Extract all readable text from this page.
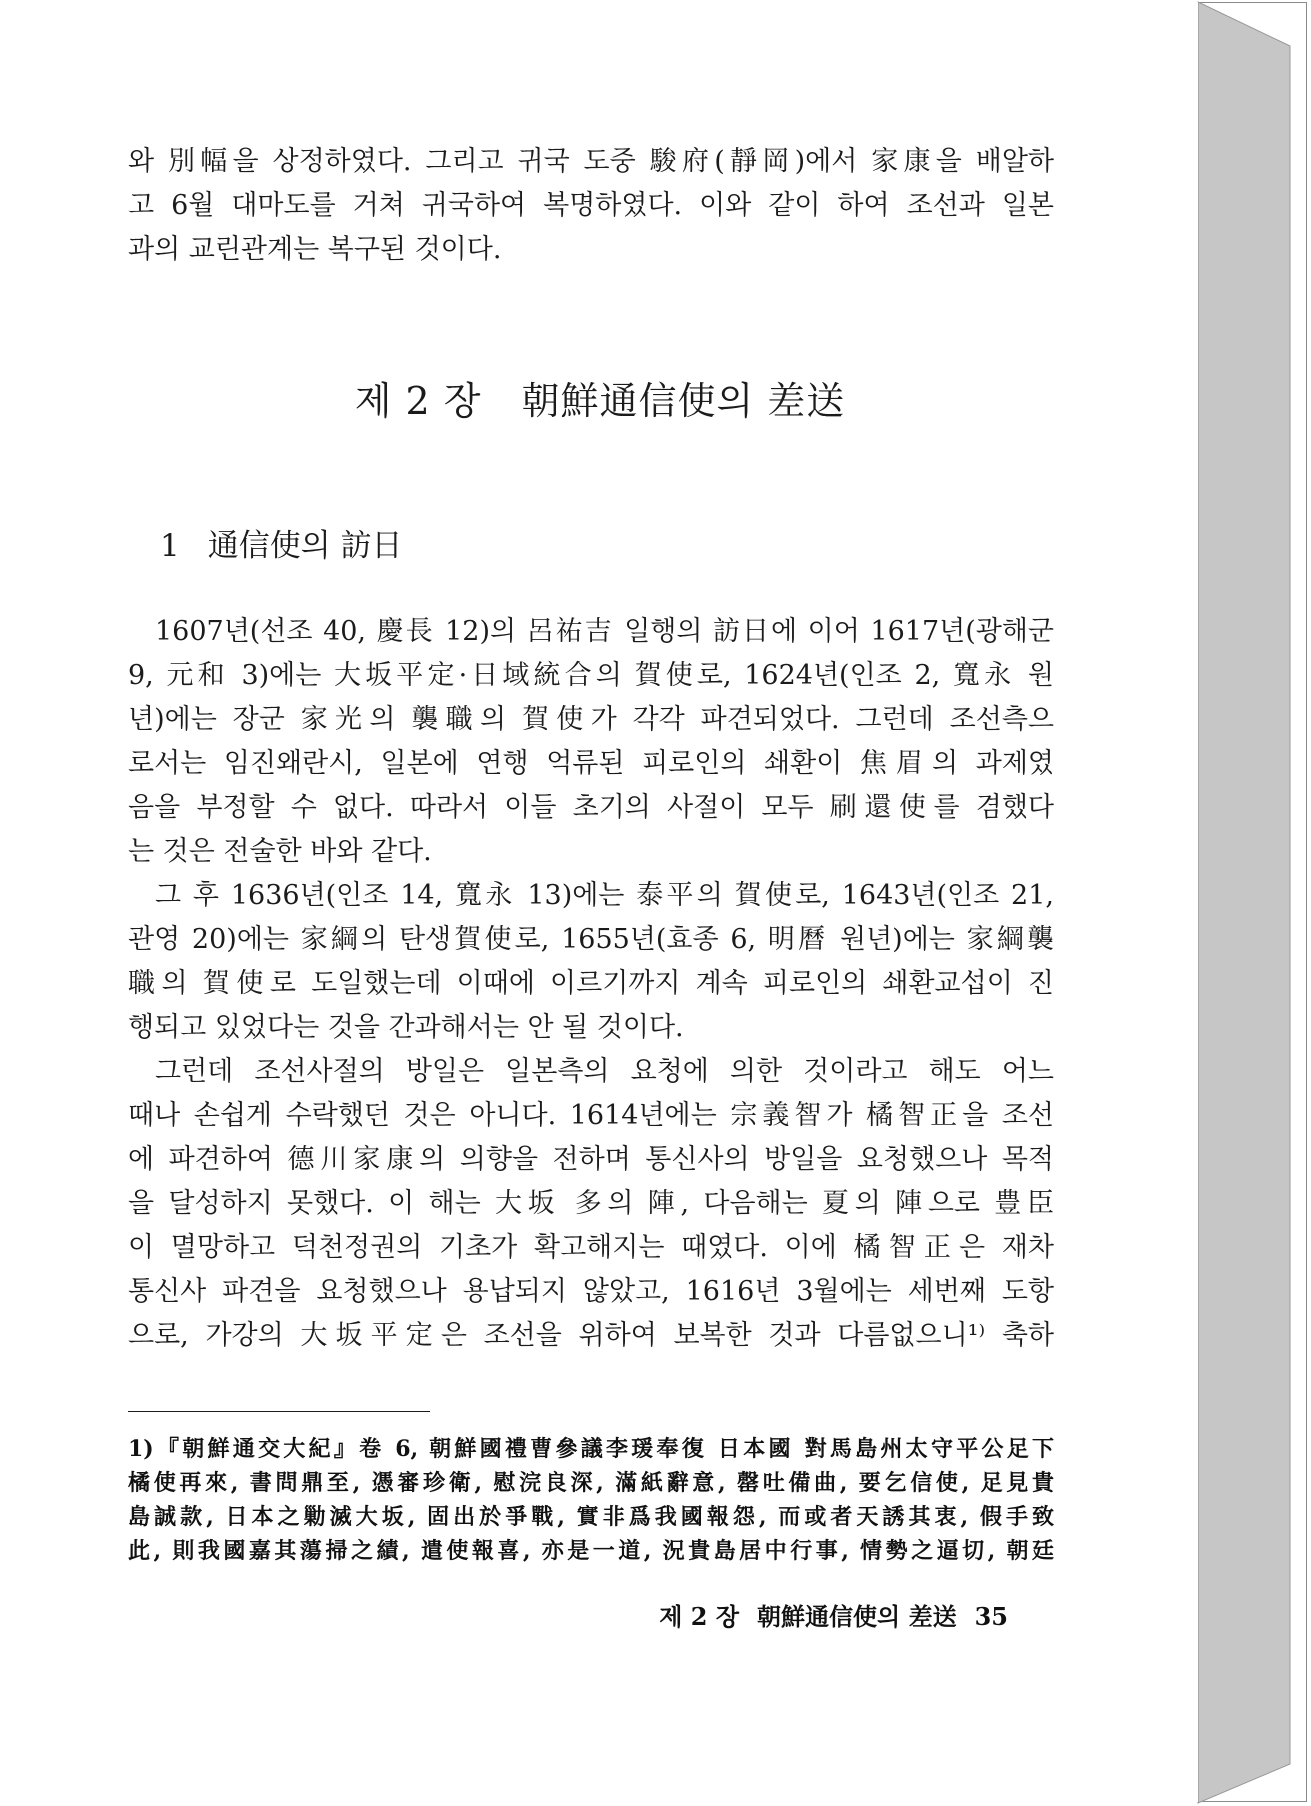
와 別幅을 상정하였다. 그리고 귀국 도중 駿府(靜岡)에서 家康을 배알하
고 6월 대마도를 거쳐 귀국하여 복명하였다. 이와 같이 하여 조선과 일본
과의 교린관계는 복구된 것이다.

제 2 장 朝鮮通信使의 差送
1 通信使의 訪日

1607년(선조 40, 慶長 12)의 呂祐吉 일행의 訪日에 이어 1617년(광해군
9, 元和 3)에는 大坂平定·日域統合의 賀使로, 1624년(인조 2, 寬永 원
년)에는 장군 家光의 襲職의 賀使가 각각 파견되었다. 그런데 조선측으
로서는 임진왜란시, 일본에 연행 억류된 피로인의 쇄환이 焦眉의 과제였
음을 부정할 수 없다. 따라서 이들 초기의 사절이 모두 刷還使를 겸했다
는 것은 전술한 바와 같다.

그 후 1636년(인조 14, 寬永 13)에는 泰平의 賀使로, 1643년(인조 21,
관영 20)에는 家綱의 탄생賀使로, 1655년(효종 6, 明曆 원년)에는 家綱襲
職의 賀使로 도일했는데 이때에 이르기까지 계속 피로인의 쇄환교섭이 진
행되고 있었다는 것을 간과해서는 안 될 것이다.

그런데 조선사절의 방일은 일본측의 요청에 의한 것이라고 해도 어느
때나 손쉽게 수락했던 것은 아니다. 1614년에는 宗義智가 橘智正을 조선
에 파견하여 德川家康의 의향을 전하며 통신사의 방일을 요청했으나 목적
을 달성하지 못했다. 이 해는 大坂 多의 陣, 다음해는 夏의 陣으로 豊臣
이 멸망하고 덕천정권의 기초가 확고해지는 때였다. 이에 橘智正은 재차
통신사 파견을 요청했으나 용납되지 않았고, 1616년 3월에는 세번째 도항
으로, 가강의 大坂平定은 조선을 위하여 보복한 것과 다름없으니¹⁾ 축하

1)『朝鮮通交大紀』卷 6, 朝鮮國禮曹參議李瑗奉復 日本國 對馬島州太守平公足下
橘使再來, 書問鼎至, 憑審珍衛, 慰浣良深, 滿紙辭意, 罄吐備曲, 要乞信使, 足見貴
島誠款, 日本之勦滅大坂, 固出於爭戰, 實非爲我國報怨, 而或者天誘其衷, 假手致
此, 則我國嘉其蕩掃之績, 遣使報喜, 亦是一道, 況貴島居中行事, 情勢之逼切, 朝廷

제 2 장 朝鮮通信使의 差送 35
